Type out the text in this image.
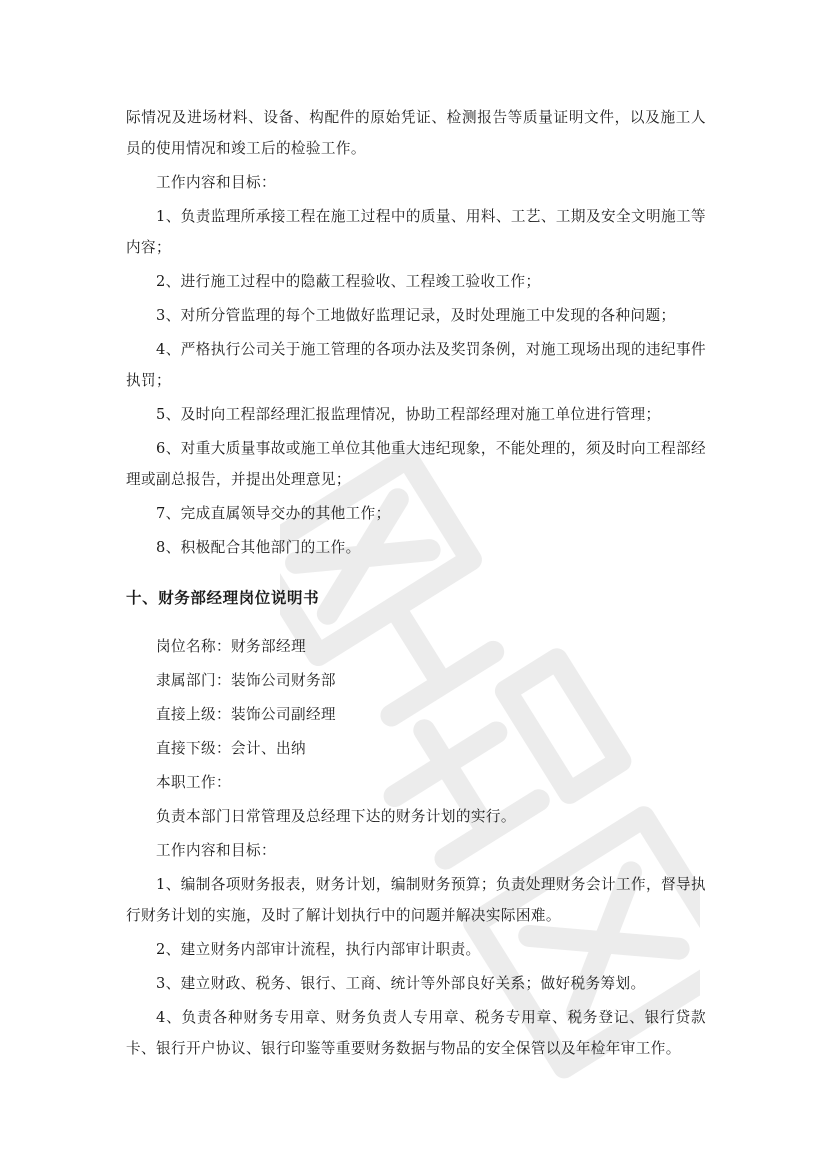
际情况及进场材料、设备、构配件的原始凭证、检测报告等质量证明文件，以及施工人员的使用情况和竣工后的检验工作。

工作内容和目标：

1、负责监理所承接工程在施工过程中的质量、用料、工艺、工期及安全文明施工等内容；

2、进行施工过程中的隐蔽工程验收、工程竣工验收工作；

3、对所分管监理的每个工地做好监理记录，及时处理施工中发现的各种问题；

4、严格执行公司关于施工管理的各项办法及奖罚条例，对施工现场出现的违纪事件执罚；

5、及时向工程部经理汇报监理情况，协助工程部经理对施工单位进行管理；

6、对重大质量事故或施工单位其他重大违纪现象，不能处理的，须及时向工程部经理或副总报告，并提出处理意见；

7、完成直属领导交办的其他工作；

8、积极配合其他部门的工作。

十、财务部经理岗位说明书

岗位名称：财务部经理

隶属部门：装饰公司财务部

直接上级：装饰公司副经理

直接下级：会计、出纳

本职工作：

负责本部门日常管理及总经理下达的财务计划的实行。

工作内容和目标：

1、编制各项财务报表，财务计划，编制财务预算；负责处理财务会计工作，督导执行财务计划的实施，及时了解计划执行中的问题并解决实际困难。

2、建立财务内部审计流程，执行内部审计职责。

3、建立财政、税务、银行、工商、统计等外部良好关系；做好税务筹划。

4、负责各种财务专用章、财务负责人专用章、税务专用章、税务登记、银行贷款卡、银行开户协议、银行印鉴等重要财务数据与物品的安全保管以及年检年审工作。
